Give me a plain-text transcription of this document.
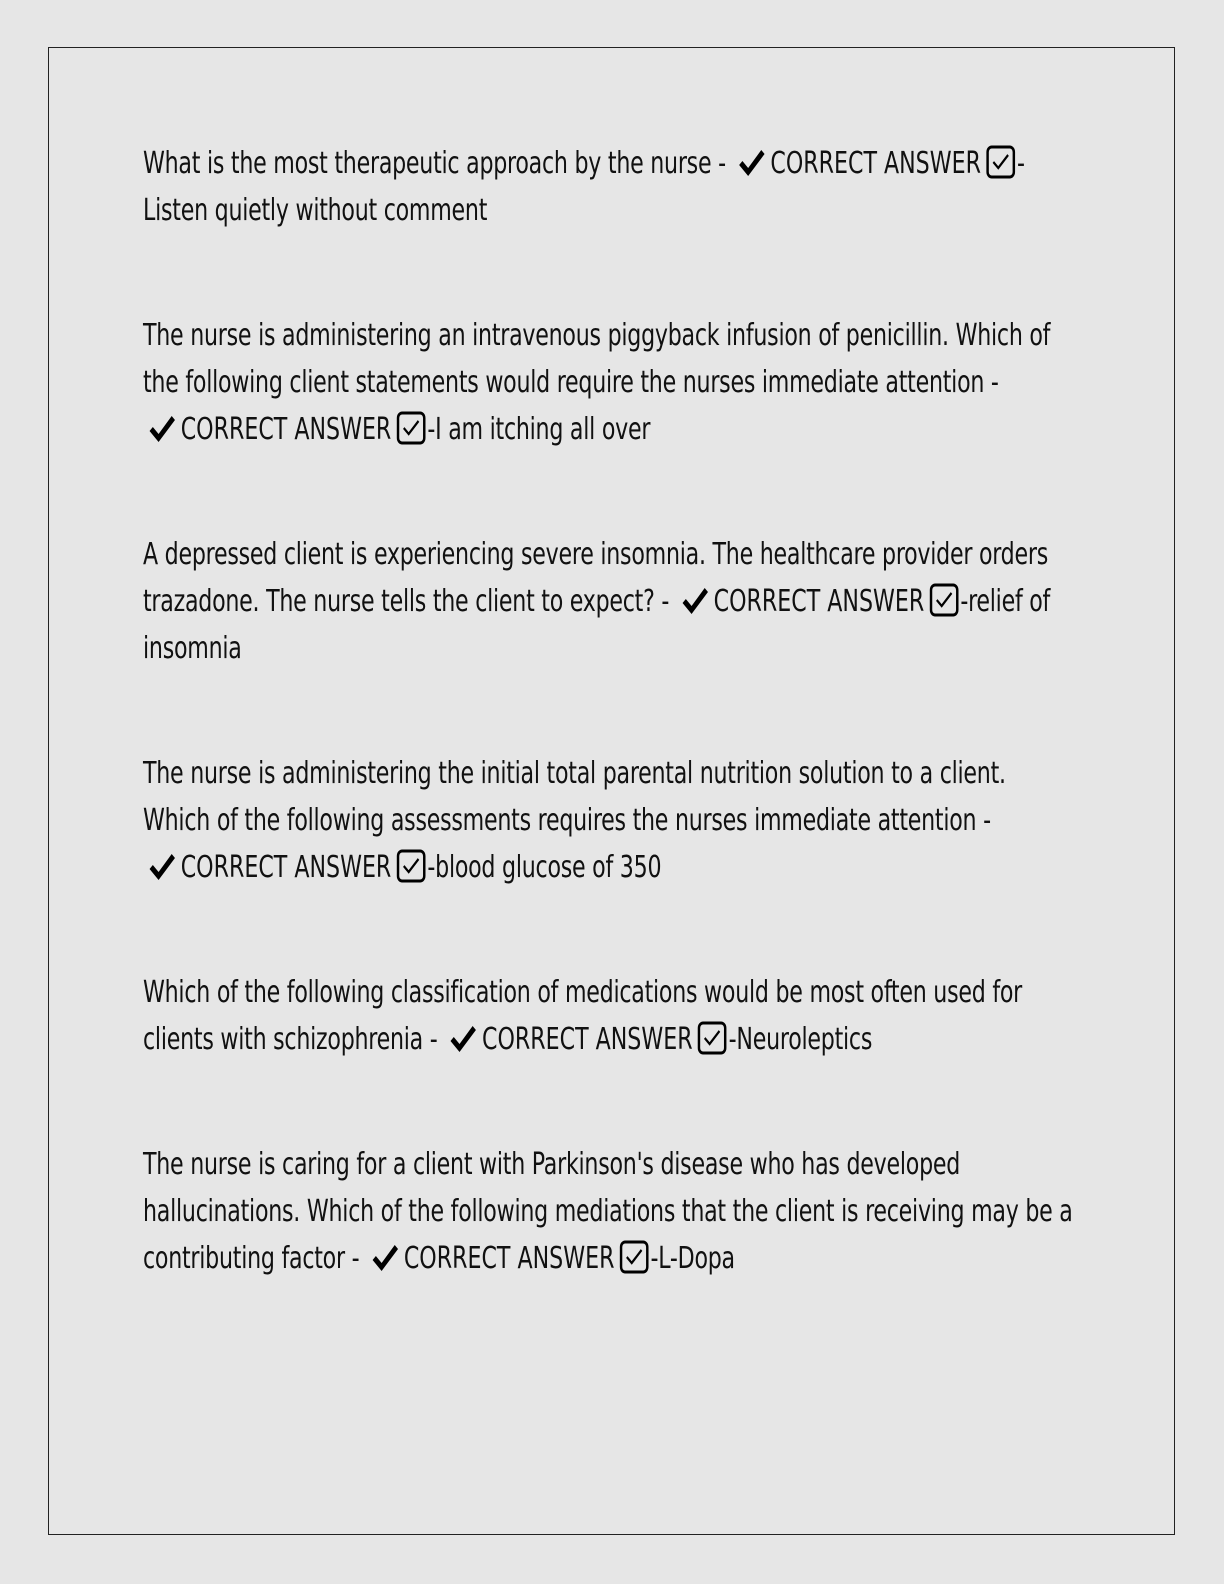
What is the most therapeutic approach by the nurse - CORRECT ANSWER -Listen quietly without comment
The nurse is administering an intravenous piggyback infusion of penicillin. Which of the following client statements would require the nurses immediate attention - CORRECT ANSWER -I am itching all over
A depressed client is experiencing severe insomnia. The healthcare provider orders trazadone. The nurse tells the client to expect? - CORRECT ANSWER -relief of insomnia
The nurse is administering the initial total parental nutrition solution to a client. Which of the following assessments requires the nurses immediate attention - CORRECT ANSWER -blood glucose of 350
Which of the following classification of medications would be most often used for clients with schizophrenia - CORRECT ANSWER -Neuroleptics
The nurse is caring for a client with Parkinson's disease who has developed hallucinations. Which of the following mediations that the client is receiving may be a contributing factor - CORRECT ANSWER -L-Dopa
